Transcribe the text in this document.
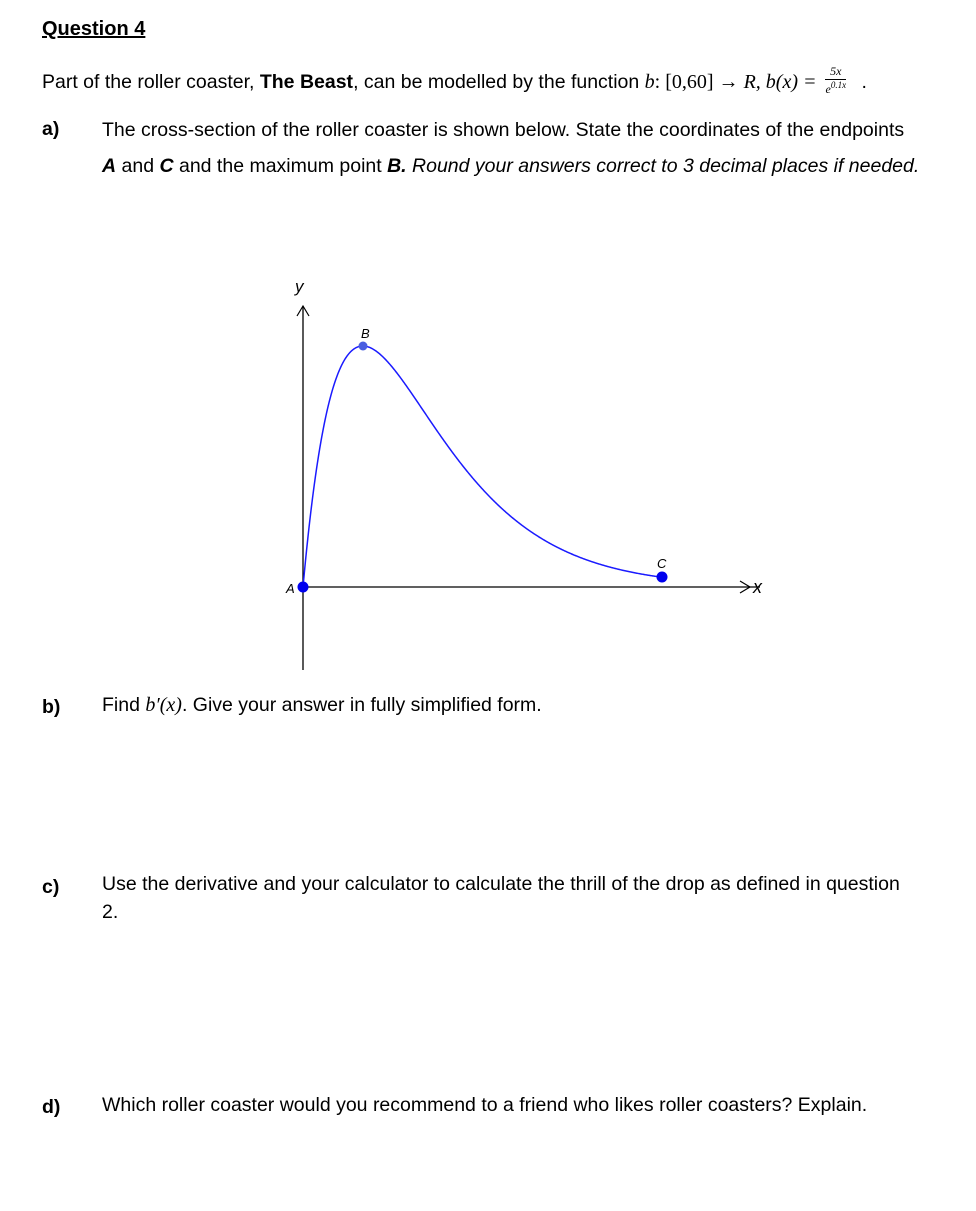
Question 4
Part of the roller coaster, The Beast, can be modelled by the function b: [0,60] → R, $b(x) = \frac{5x}{e^{0.1x}}$ .
a) The cross-section of the roller coaster is shown below. State the coordinates of the endpoints A and C and the maximum point B. Round your answers correct to 3 decimal places if needed.
y
x
A
B
C
b) Find b′(x). Give your answer in fully simplified form.
c) Use the derivative and your calculator to calculate the thrill of the drop as defined in question 2.
d) Which roller coaster would you recommend to a friend who likes roller coasters? Explain.
